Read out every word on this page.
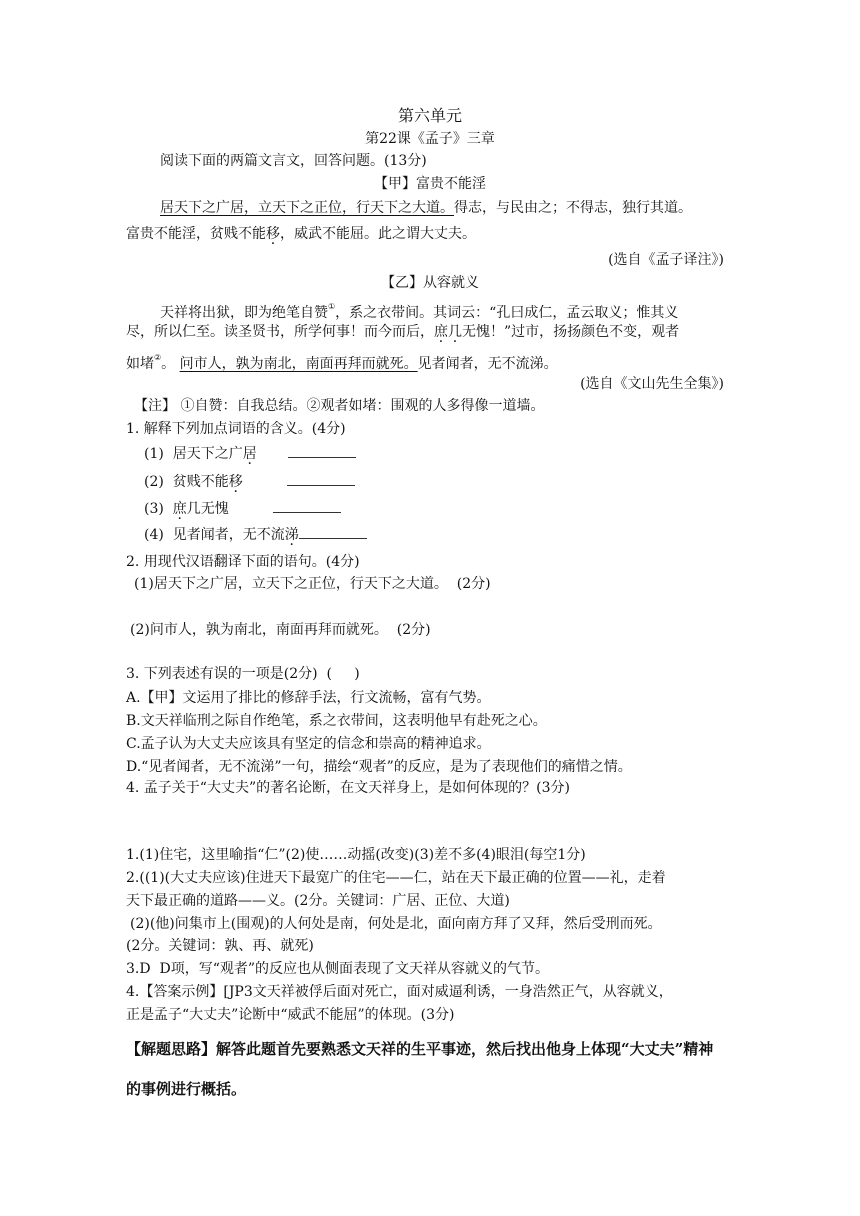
第六单元
第22课《孟子》三章
阅读下面的两篇文言文，回答问题。(13分)
【甲】富贵不能淫
居天下之广居，立天下之正位，行天下之大道。得志，与民由之；不得志，独行其道。
富贵不能淫，贫贱不能移，威武不能屈。此之谓大丈夫。
(选自《孟子译注》)
【乙】从容就义
天祥将出狱，即为绝笔自赞①，系之衣带间。其词云：“孔曰成仁，孟云取义；惟其义
尽，所以仁至。读圣贤书，所学何事！而今而后，庶几无愧！”过市，扬扬颜色不变，观者
如堵②。 问市人，孰为南北，南面再拜而就死。见者闻者，无不流涕。
(选自《文山先生全集》)
【注】 ①自赞：自我总结。②观者如堵：围观的人多得像一道墙。
1. 解释下列加点词语的含义。(4分)
(1) 居天下之广居
(2) 贫贱不能移
(3) 庶几无愧
(4) 见者闻者，无不流涕
2. 用现代汉语翻译下面的语句。(4分)
(1)居天下之广居，立天下之正位，行天下之大道。  (2分)
(2)问市人，孰为南北，南面再拜而就死。  (2分)
3. 下列表述有误的一项是(2分)  (     )
A.【甲】文运用了排比的修辞手法，行文流畅，富有气势。
B.文天祥临刑之际自作绝笔，系之衣带间，这表明他早有赴死之心。
C.孟子认为大丈夫应该具有坚定的信念和崇高的精神追求。
D.“见者闻者，无不流涕”一句，描绘“观者”的反应，是为了表现他们的痛惜之情。
4. 孟子关于“大丈夫”的著名论断，在文天祥身上，是如何体现的？(3分)
1.(1)住宅，这里喻指“仁”(2)使……动摇(改变)(3)差不多(4)眼泪(每空1分)
2.((1)(大丈夫应该)住进天下最宽广的住宅——仁，站在天下最正确的位置——礼，走着
天下最正确的道路——义。(2分。关键词：广居、正位、大道)
(2)(他)问集市上(围观)的人何处是南，何处是北，面向南方拜了又拜，然后受刑而死。
(2分。关键词：孰、再、就死)
3.D  D项，写“观者”的反应也从侧面表现了文天祥从容就义的气节。
4.【答案示例】[JP3文天祥被俘后面对死亡，面对威逼利诱，一身浩然正气，从容就义，
正是孟子“大丈夫”论断中“威武不能屈”的体现。(3分)
【解题思路】解答此题首先要熟悉文天祥的生平事迹，然后找出他身上体现“大丈夫”精神
的事例进行概括。
